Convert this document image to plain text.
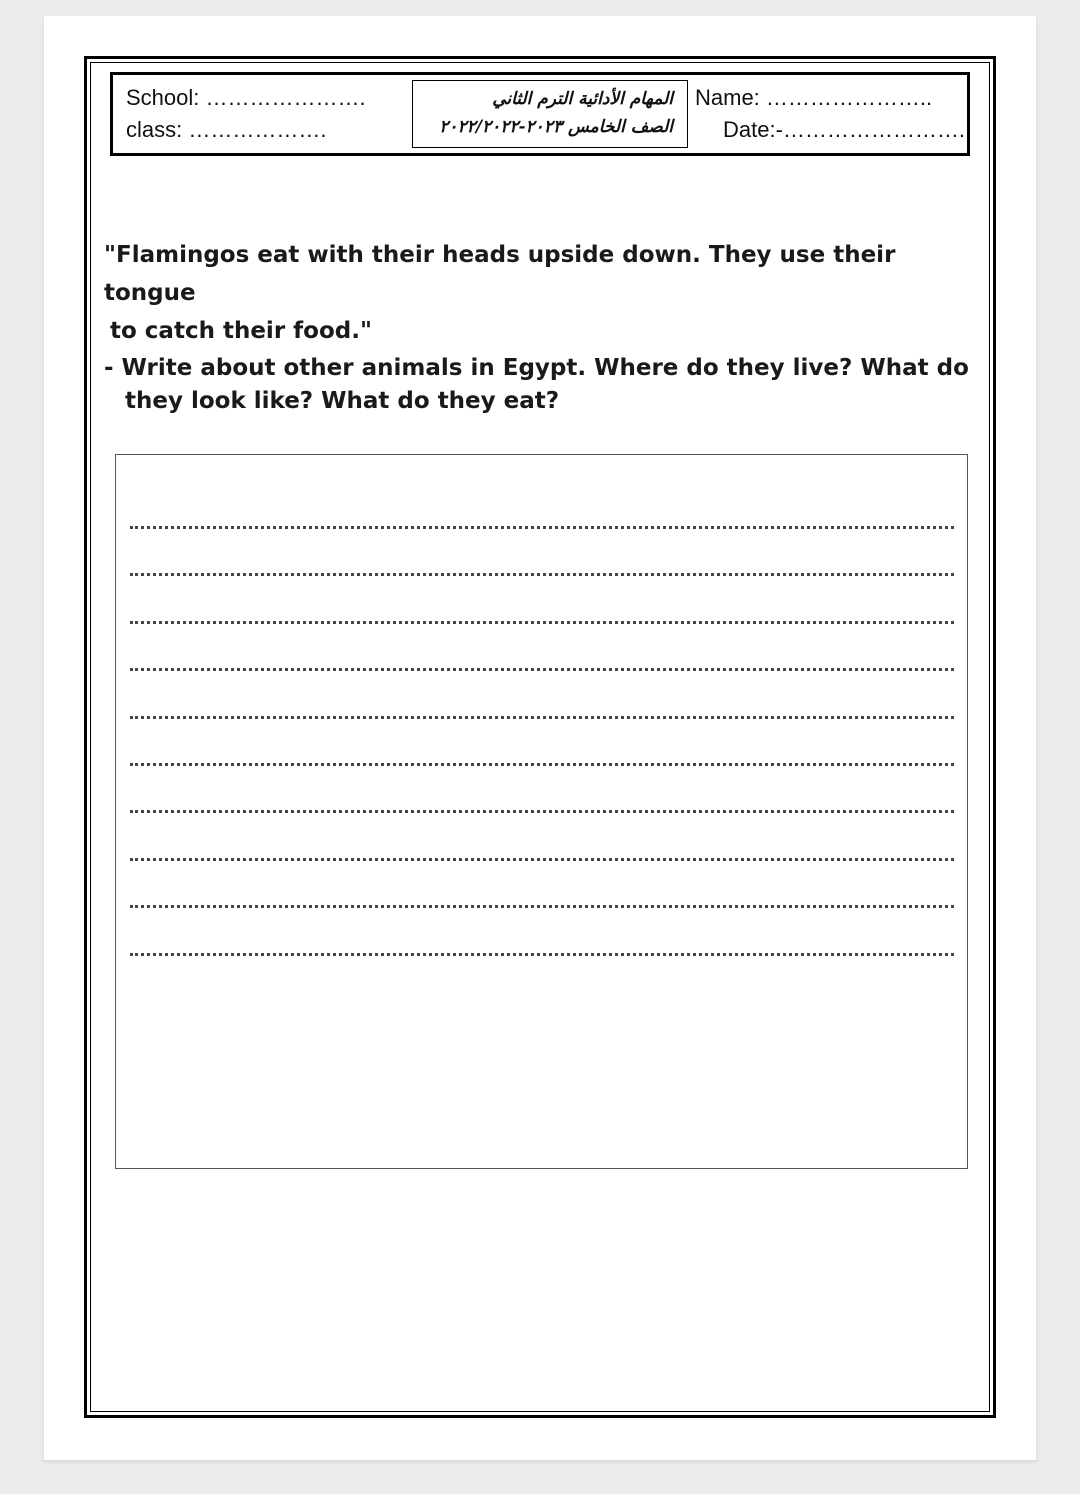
School: ………………….
class: ……………….
المهام الأدائية الترم الثاني
الصف الخامس ٢٠٢٣-٢٠٢٢/٢٠٢٢
Name: …………………..
Date:-…………………….
"Flamingos eat with their heads upside down. They use their tongue
to catch their food."
- Write about other animals in Egypt. Where do they live? What do
they look like? What do they eat?
